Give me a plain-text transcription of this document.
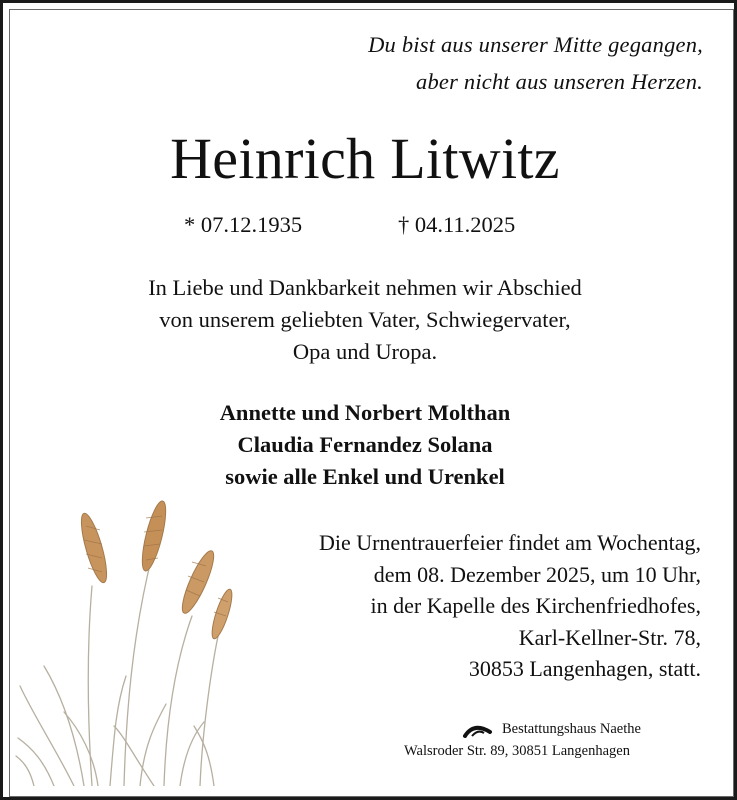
Du bist aus unserer Mitte gegangen,
aber nicht aus unseren Herzen.
Heinrich Litwitz
* 07.12.1935	† 04.11.2025
In Liebe und Dankbarkeit nehmen wir Abschied
von unserem geliebten Vater, Schwiegervater,
Opa und Uropa.
Annette und Norbert Molthan
Claudia Fernandez Solana
sowie alle Enkel und Urenkel
Die Urnentrauerfeier findet am Wochentag,
dem 08. Dezember 2025, um 10 Uhr,
in der Kapelle des Kirchenfriedhofes,
Karl-Kellner-Str. 78,
30853 Langenhagen, statt.
Bestattungshaus Naethe
Walsroder Str. 89, 30851 Langenhagen
